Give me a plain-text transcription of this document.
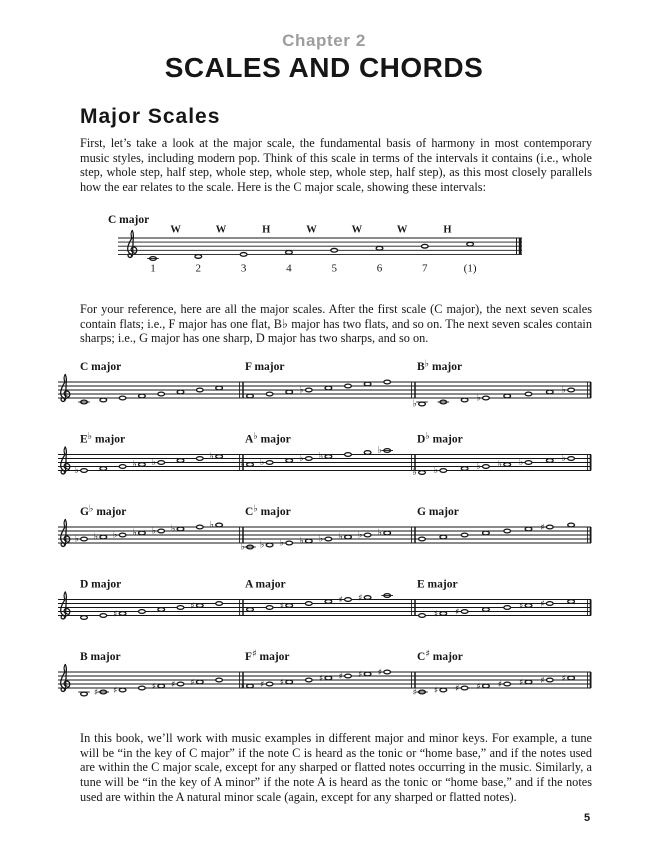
Chapter 2
SCALES AND CHORDS
Major Scales

First, let’s take a look at the major scale, the fundamental basis of harmony in most contemporary music styles, including modern pop. Think of this scale in terms of the intervals it contains (i.e., whole step, whole step, half step, whole step, whole step, whole step, half step), as this most closely parallels how the ear relates to the scale. Here is the C major scale, showing these intervals:

C major
W	W	H	W	W	W	H
1	2	3	4	5	6	7	(1)

For your reference, here are all the major scales. After the first scale (C major), the next seven scales contain flats; i.e., F major has one flat, B♭ major has two flats, and so on. The next seven scales contain sharps; i.e., G major has one sharp, D major has two sharps, and so on.

C major	F major
♭
B♭ major
♭
♭
♭
E♭ major
♭
♭ ♭
♭
A♭ major
♭ ♭	♭ ♭
♭
D♭ major
♭ ♭	♭ ♭ ♭	♭
G♭ major
♭ ♭ ♭ ♭ ♭ ♭	♭
C♭ major
♭ ♭ ♭ ♭ ♭ ♭ ♭ ♭
G major
♯
D major
♯
♯
A major
♯
♯ ♯
E major
♯ ♯
♯ ♯
B major
♯ ♯	♯ ♯ ♯
F♯ major
♯ ♯ ♯	♯ ♯ ♯ ♯
C♯ major
♯ ♯ ♯ ♯ ♯ ♯ ♯ ♯

In this book, we’ll work with music examples in different major and minor keys. For example, a tune will be “in the key of C major” if the note C is heard as the tonic or “home base,” and if the notes used are within the C major scale, except for any sharped or flatted notes occurring in the music. Similarly, a tune will be “in the key of A minor” if the note A is heard as the tonic or “home base,” and if the notes used are within the A natural minor scale (again, except for any sharped or flatted notes).

5
